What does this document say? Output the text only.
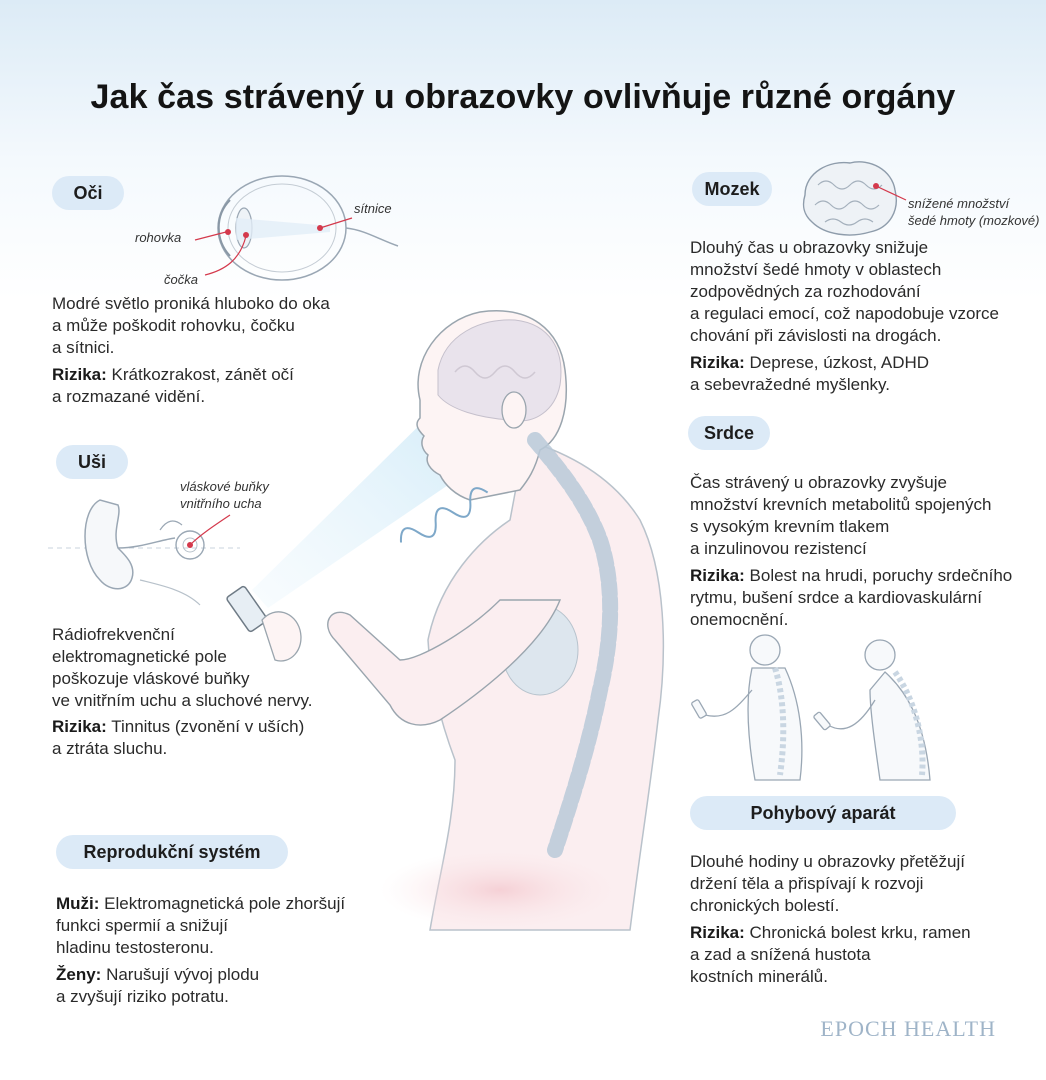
Jak čas strávený u obrazovky ovlivňuje různé orgány
Oči
rohovka
čočka
sítnice
Modré světlo proniká hluboko do oka
a může poškodit rohovku, čočku
a sítnici.
Rizika: Krátkozrakost, zánět očí
a rozmazané vidění.
Uši
vláskové buňky
vnitřního ucha
Rádiofrekvenční
elektromagnetické pole
poškozuje vláskové buňky
ve vnitřním uchu a sluchové nervy.
Rizika: Tinnitus (zvonění v uších)
a ztráta sluchu.
Reprodukční systém
Muži: Elektromagnetická pole zhoršují
funkci spermií a snižují
hladinu testosteronu.
Ženy: Narušují vývoj plodu
a zvyšují riziko potratu.
Mozek
snížené množství
šedé hmoty (mozkové)
Dlouhý čas u obrazovky snižuje
množství šedé hmoty v oblastech
zodpovědných za rozhodování
a regulaci emocí, což napodobuje vzorce
chování při závislosti na drogách.
Rizika: Deprese, úzkost, ADHD
a sebevražedné myšlenky.
Srdce
Čas strávený u obrazovky zvyšuje
množství krevních metabolitů spojených
s vysokým krevním tlakem
a inzulinovou rezistencí
Rizika: Bolest na hrudi, poruchy srdečního
rytmu, bušení srdce a kardiovaskulární
onemocnění.
Pohybový aparát
Dlouhé hodiny u obrazovky přetěžují
držení těla a přispívají k rozvoji
chronických bolestí.
Rizika: Chronická bolest krku, ramen
a zad a snížená hustota
kostních minerálů.
EPOCH HEALTH
